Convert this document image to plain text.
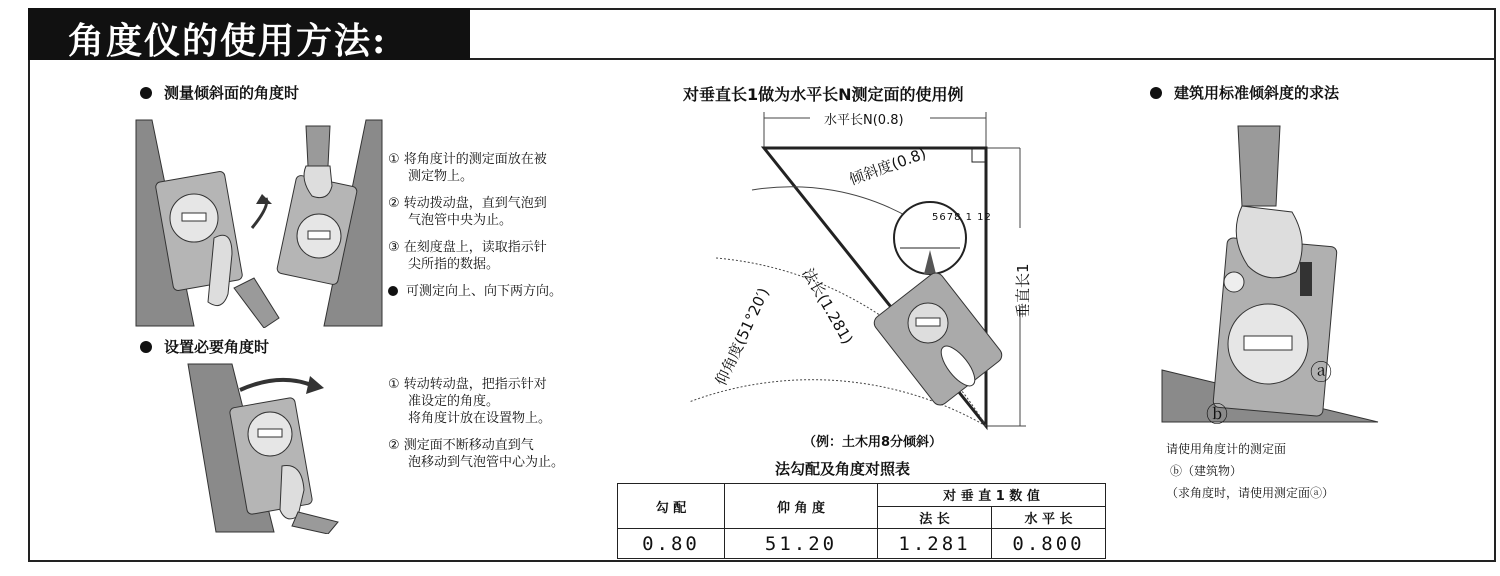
角度仪的使用方法:
测量倾斜面的角度时
① 将角度计的测定面放在被
测定物上。
② 转动拨动盘，直到气泡到
气泡管中央为止。
③ 在刻度盘上，读取指示针
尖所指的数据。
可测定向上、向下两方向。
设置必要角度时
① 转动转动盘，把指示针对
准设定的角度。
将角度计放在设置物上。
② 测定面不断移动直到气
泡移动到气泡管中心为止。
对垂直长1做为水平长N测定面的使用例
水平长N(0.8)
5678 1 12
倾斜度(0.8)
法长(1.281)
仰角度(51°20′)	垂直长1
（例：土木用8分倾斜）
法勾配及角度对照表
勾 配	仰 角 度	对 垂 直 1 数 值	
		法 长	水 平 长
0.80	51.20	1.281	0.800
建筑用标准倾斜度的求法
ⓐ
ⓑ
请使用角度计的测定面
ⓑ（建筑物）
（求角度时，请使用测定面ⓐ）
